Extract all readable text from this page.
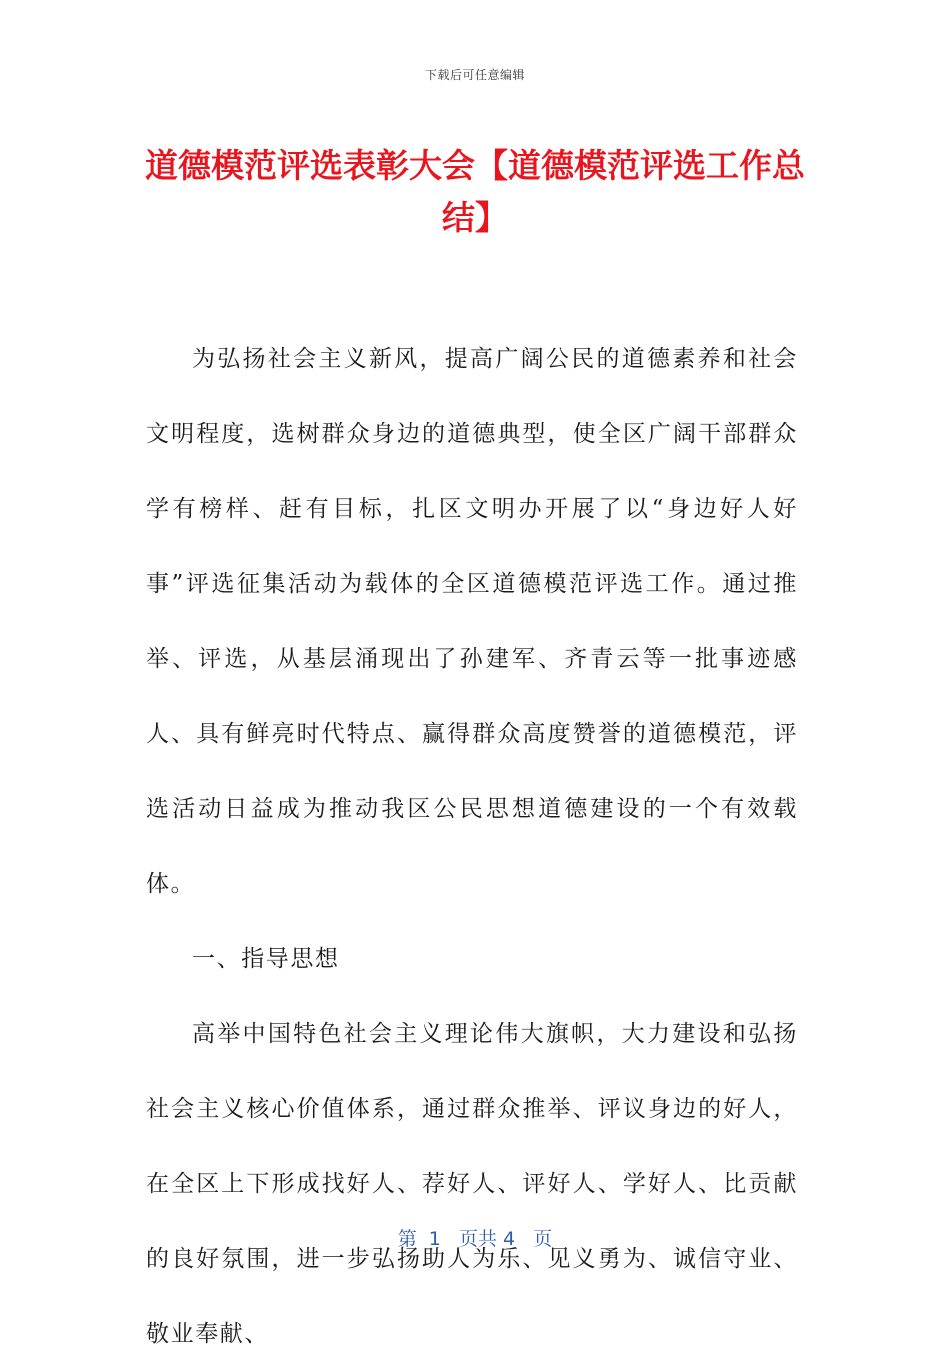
下载后可任意编辑
道德模范评选表彰大会【道德模范评选工作总结】

为弘扬社会主义新风，提高广阔公民的道德素养和社会文明程度，选树群众身边的道德典型，使全区广阔干部群众学有榜样、赶有目标，扎区文明办开展了以“身边好人好事”评选征集活动为载体的全区道德模范评选工作。通过推举、评选，从基层涌现出了孙建军、齐青云等一批事迹感人、具有鲜亮时代特点、赢得群众高度赞誉的道德模范，评选活动日益成为推动我区公民思想道德建设的一个有效载体。

一、指导思想

高举中国特色社会主义理论伟大旗帜，大力建设和弘扬社会主义核心价值体系，通过群众推举、评议身边的好人，在全区上下形成找好人、荐好人、评好人、学好人、比贡献的良好氛围，进一步弘扬助人为乐、见义勇为、诚信守业、敬业奉献、

第  1   页共 4   页
